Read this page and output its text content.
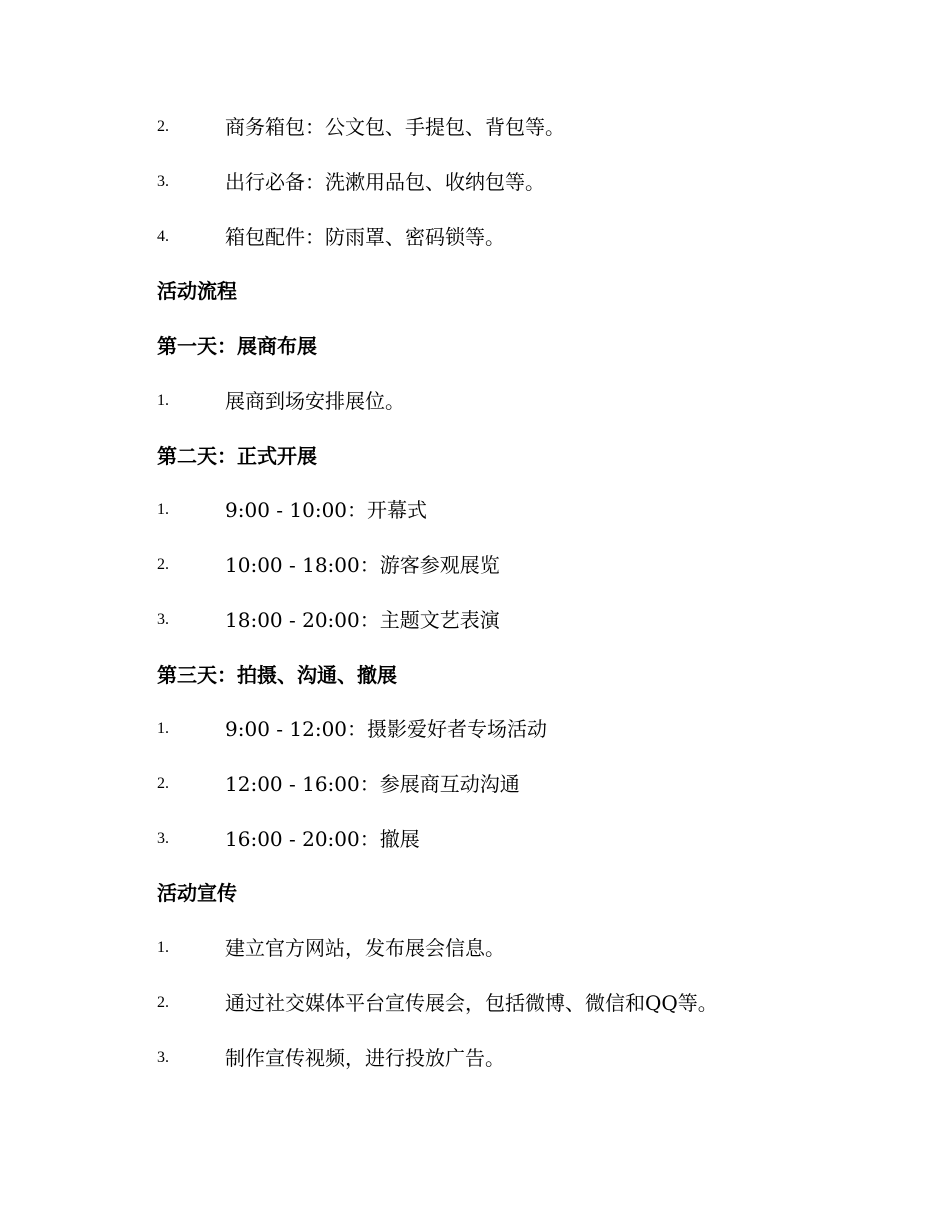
2.	商务箱包：公文包、手提包、背包等。
3.	出行必备：洗漱用品包、收纳包等。
4.	箱包配件：防雨罩、密码锁等。
活动流程
第一天：展商布展
1.	展商到场安排展位。
第二天：正式开展
1.	9:00 - 10:00：开幕式
2.	10:00 - 18:00：游客参观展览
3.	18:00 - 20:00：主题文艺表演
第三天：拍摄、沟通、撤展
1.	9:00 - 12:00：摄影爱好者专场活动
2.	12:00 - 16:00：参展商互动沟通
3.	16:00 - 20:00：撤展
活动宣传
1.	建立官方网站，发布展会信息。
2.	通过社交媒体平台宣传展会，包括微博、微信和QQ等。
3.	制作宣传视频，进行投放广告。
